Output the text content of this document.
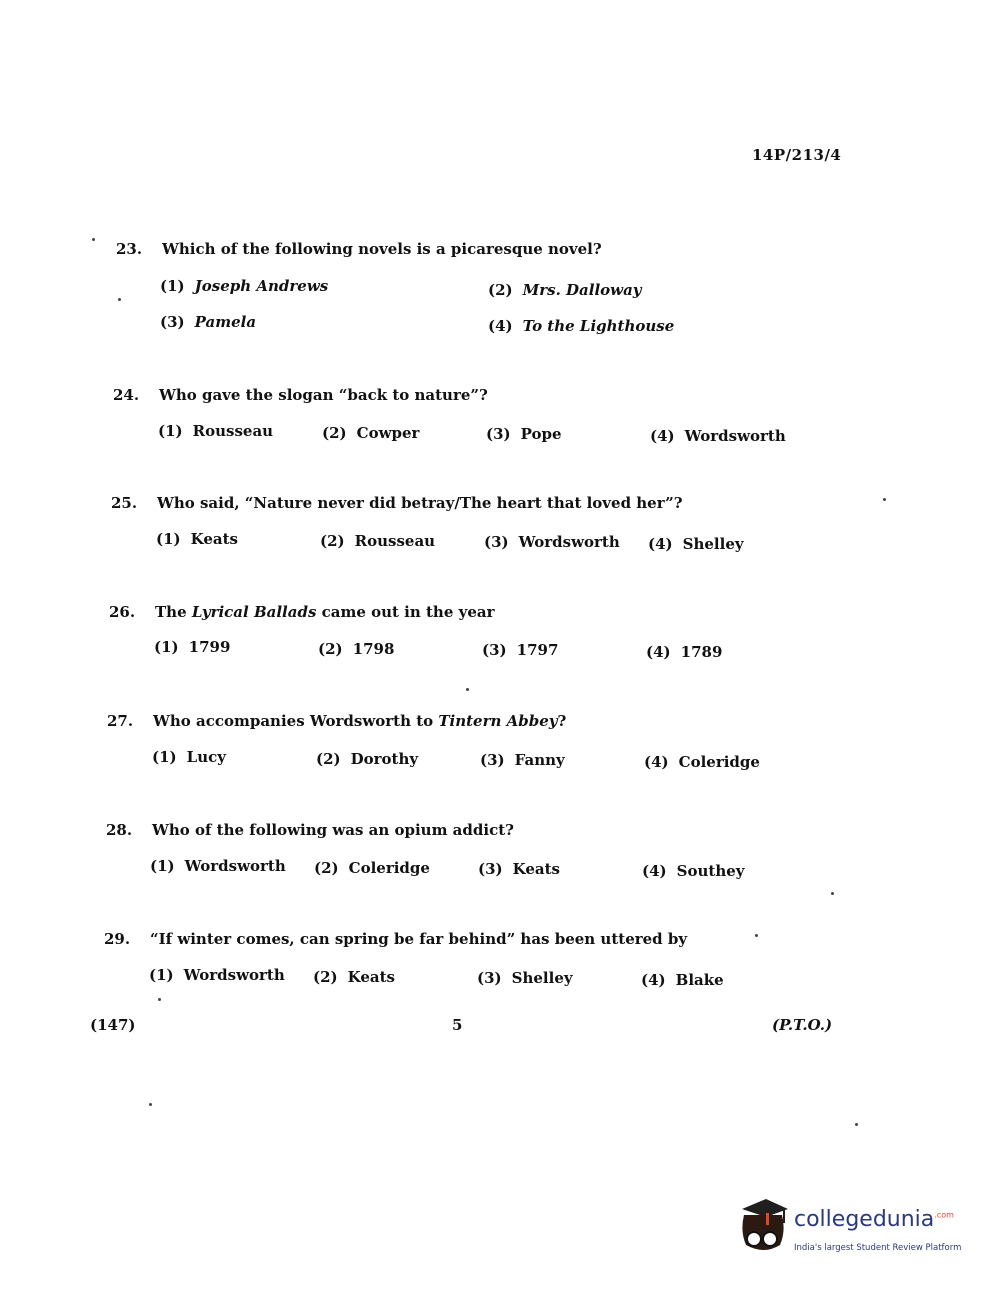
14P/213/4
23. Which of the following novels is a picaresque novel?
(1) Joseph Andrews	(2) Mrs. Dalloway
(3) Pamela	(4) To the Lighthouse
24. Who gave the slogan “back to nature”?
(1) Rousseau	(2) Cowper	(3) Pope	(4) Wordsworth
25. Who said, “Nature never did betray/The heart that loved her”?
(1) Keats	(2) Rousseau	(3) Wordsworth (4) Shelley
26. The Lyrical Ballads came out in the year
(1) 1799	(2) 1798	(3) 1797	(4) 1789
27. Who accompanies Wordsworth to Tintern Abbey?
(1) Lucy	(2) Dorothy	(3) Fanny	(4) Coleridge
28. Who of the following was an opium addict?
(1) Wordsworth (2) Coleridge	(3) Keats	(4) Southey
29. “If winter comes, can spring be far behind” has been uttered by
(1) Wordsworth (2) Keats	(3) Shelley	(4) Blake
(147)	5	(P.T.O.)
collegedunia$^{.com}$
India's largest Student Review Platform
